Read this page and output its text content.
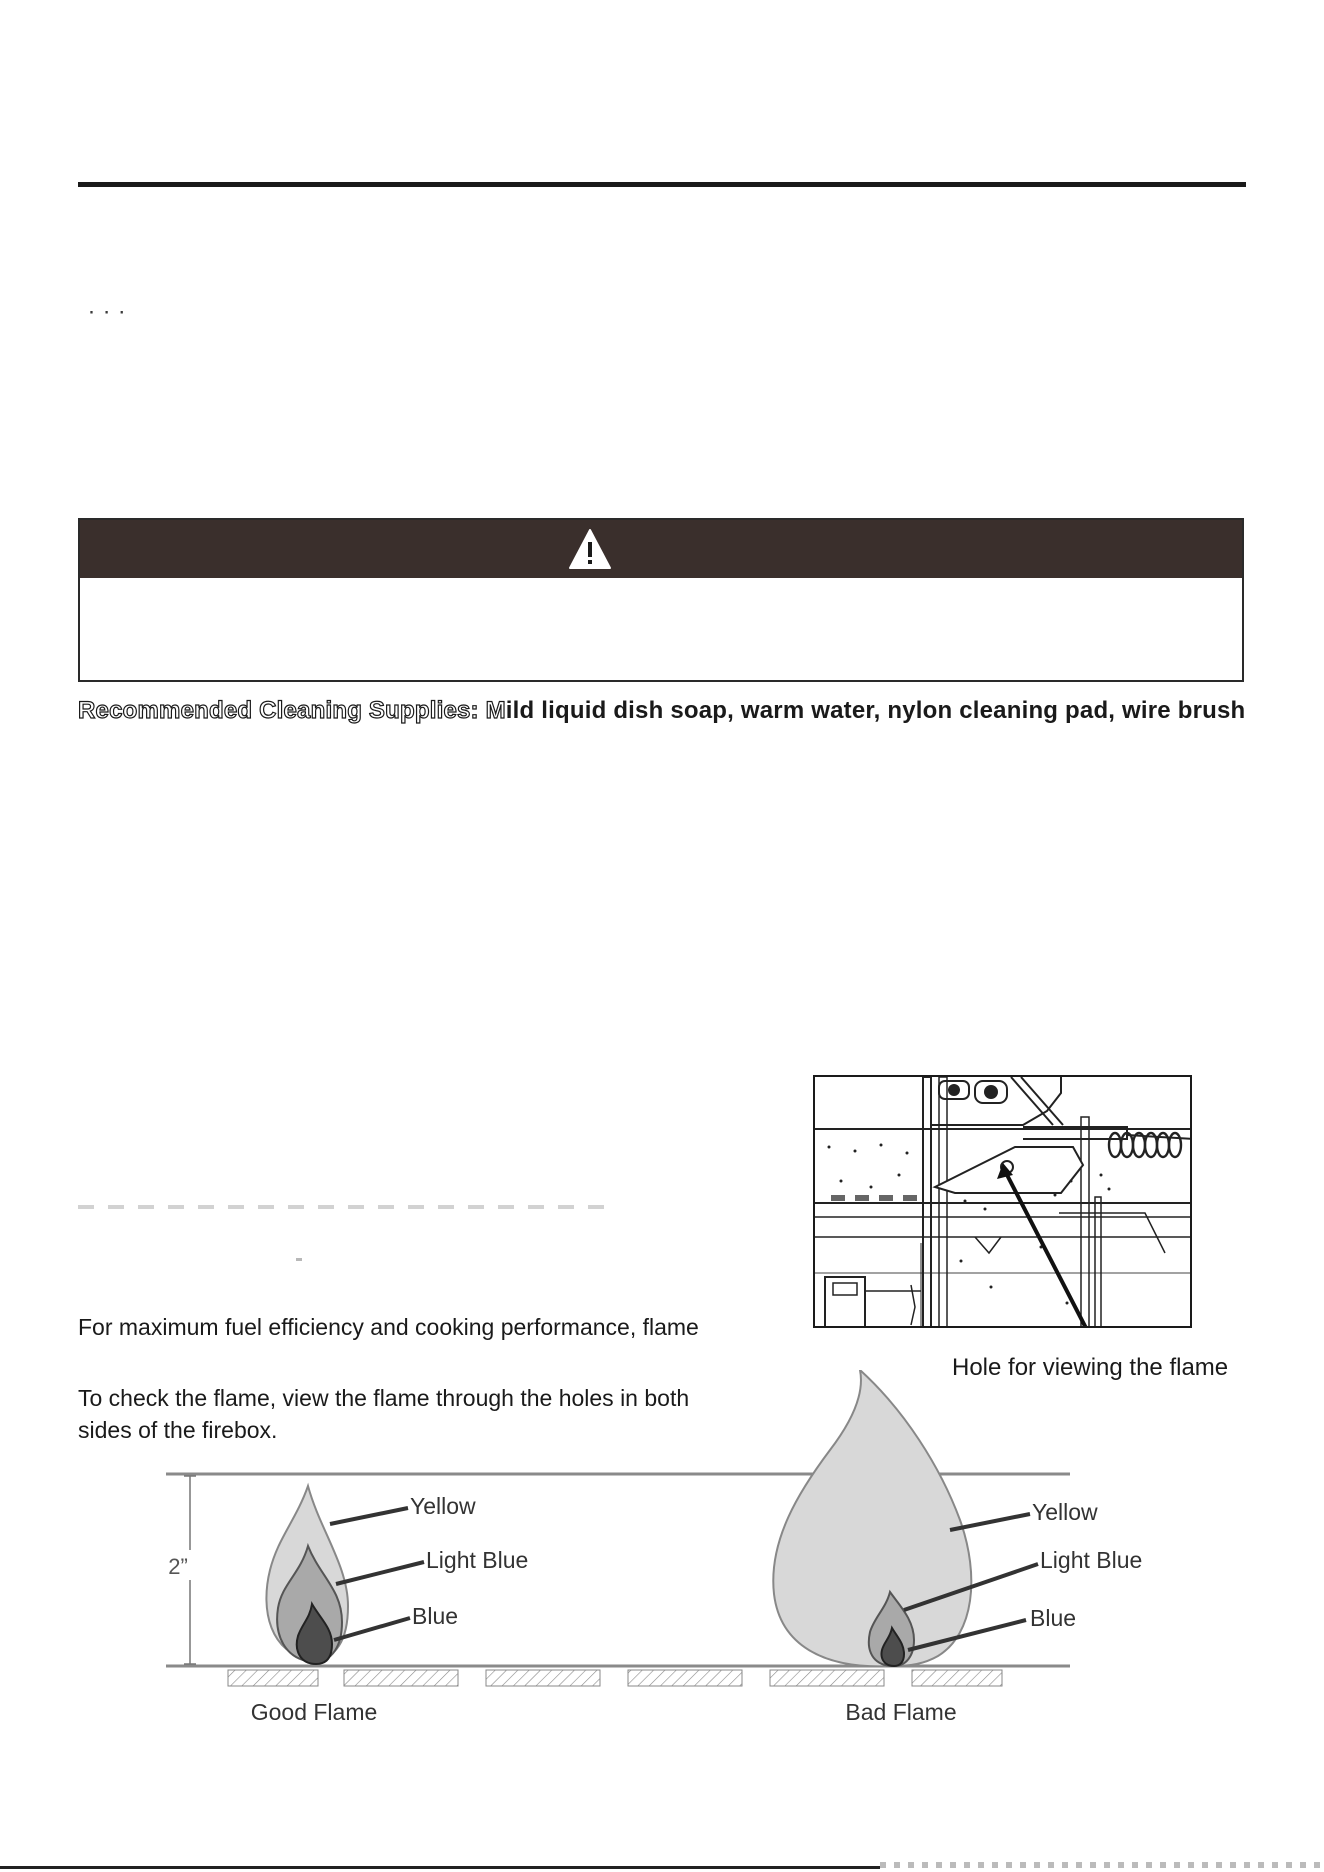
⋅ ⋅ ⋅
Recommended Cleaning Supplies: Mild liquid dish soap, warm water, nylon cleaning pad, wire brush
For maximum fuel efficiency and cooking performance, flame
To check the flame, view the flame through the holes in both
sides of the firebox.
Hole for viewing the flame
2”
Yellow
Light Blue
Blue
Good Flame
Yellow
Light Blue
Blue
Bad Flame
